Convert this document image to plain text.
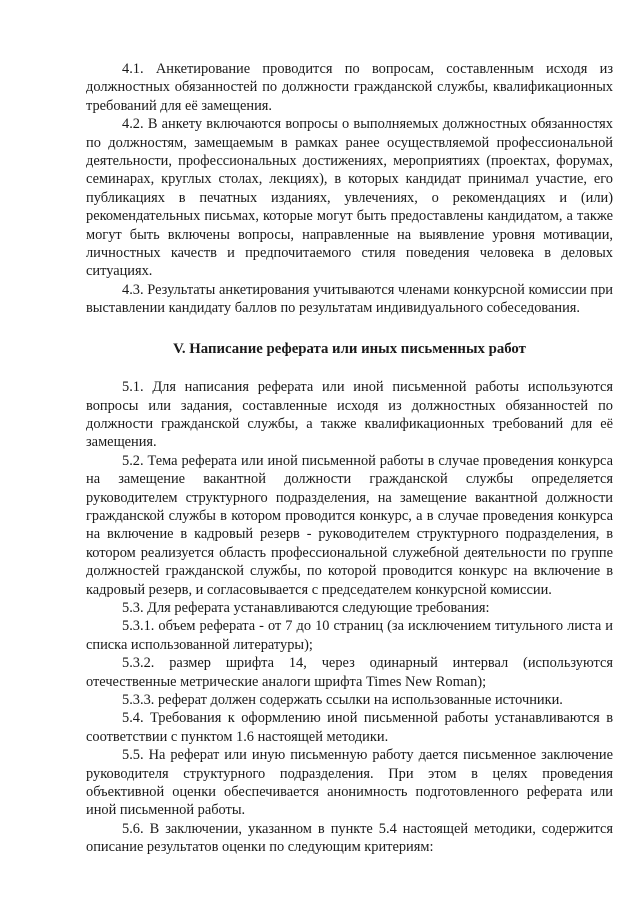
4.1. Анкетирование проводится по вопросам, составленным исходя из должностных обязанностей по должности гражданской службы, квалификационных требований для её замещения.

4.2. В анкету включаются вопросы о выполняемых должностных обязанностях по должностям, замещаемым в рамках ранее осуществляемой профессиональной деятельности, профессиональных достижениях, мероприятиях (проектах, форумах, семинарах, круглых столах, лекциях), в которых кандидат принимал участие, его публикациях в печатных изданиях, увлечениях, о рекомендациях и (или) рекомендательных письмах, которые могут быть предоставлены кандидатом, а также могут быть включены вопросы, направленные на выявление уровня мотивации, личностных качеств и предпочитаемого стиля поведения человека в деловых ситуациях.

4.3. Результаты анкетирования учитываются членами конкурсной комиссии при выставлении кандидату баллов по результатам индивидуального собеседования.

V. Написание реферата или иных письменных работ

5.1. Для написания реферата или иной письменной работы используются вопросы или задания, составленные исходя из должностных обязанностей по должности гражданской службы, а также квалификационных требований для её замещения.

5.2. Тема реферата или иной письменной работы в случае проведения конкурса на замещение вакантной должности гражданской службы определяется руководителем структурного подразделения, на замещение вакантной должности гражданской службы в котором проводится конкурс, а в случае проведения конкурса на включение в кадровый резерв - руководителем структурного подразделения, в котором реализуется область профессиональной служебной деятельности по группе должностей гражданской службы, по которой проводится конкурс на включение в кадровый резерв, и согласовывается с председателем конкурсной комиссии.

5.3. Для реферата устанавливаются следующие требования:

5.3.1. объем реферата - от 7 до 10 страниц (за исключением титульного листа и списка использованной литературы);

5.3.2. размер шрифта 14, через одинарный интервал (используются отечественные метрические аналоги шрифта Times New Roman);

5.3.3. реферат должен содержать ссылки на использованные источники.

5.4. Требования к оформлению иной письменной работы устанавливаются в соответствии с пунктом 1.6 настоящей методики.

5.5. На реферат или иную письменную работу дается письменное заключение руководителя структурного подразделения. При этом в целях проведения объективной оценки обеспечивается анонимность подготовленного реферата или иной письменной работы.

5.6. В заключении, указанном в пункте 5.4 настоящей методики, содержится описание результатов оценки по следующим критериям:
